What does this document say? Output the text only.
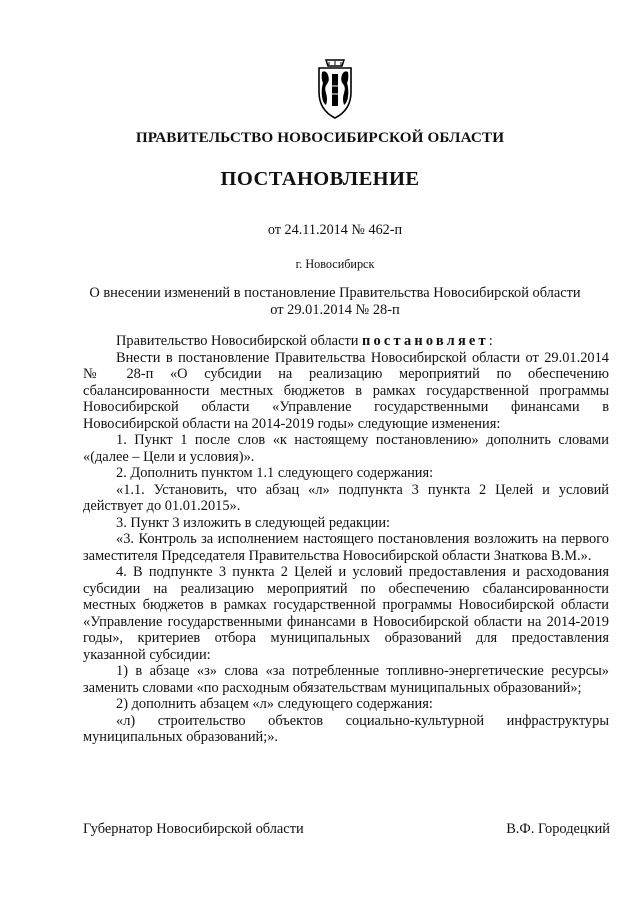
ПРАВИТЕЛЬСТВО НОВОСИБИРСКОЙ ОБЛАСТИ
ПОСТАНОВЛЕНИЕ
от 24.11.2014 № 462-п
г. Новосибирск
О внесении изменений в постановление Правительства Новосибирской области
от 29.01.2014 № 28-п

Правительство Новосибирской области постановляет:

Внести в постановление Правительства Новосибирской области от 29.01.2014 № 28-п «О субсидии на реализацию мероприятий по обеспечению сбалансированности местных бюджетов в рамках государственной программы Новосибирской области «Управление государственными финансами в Новосибирской области на 2014-2019 годы» следующие изменения:

1. Пункт 1 после слов «к настоящему постановлению» дополнить словами «(далее – Цели и условия)».

2. Дополнить пунктом 1.1 следующего содержания:

«1.1. Установить, что абзац «л» подпункта 3 пункта 2 Целей и условий действует до 01.01.2015».

3. Пункт 3 изложить в следующей редакции:

«3. Контроль за исполнением настоящего постановления возложить на первого заместителя Председателя Правительства Новосибирской области Знаткова В.М.».

4. В подпункте 3 пункта 2 Целей и условий предоставления и расходования субсидии на реализацию мероприятий по обеспечению сбалансированности местных бюджетов в рамках государственной программы Новосибирской области «Управление государственными финансами в Новосибирской области на 2014-2019 годы», критериев отбора муниципальных образований для предоставления указанной субсидии:

1) в абзаце «з» слова «за потребленные топливно-энергетические ресурсы» заменить словами «по расходным обязательствам муниципальных образований»;

2) дополнить абзацем «л» следующего содержания:

«л) строительство объектов социально-культурной инфраструктуры муниципальных образований;».

Губернатор Новосибирской области	В.Ф. Городецкий
